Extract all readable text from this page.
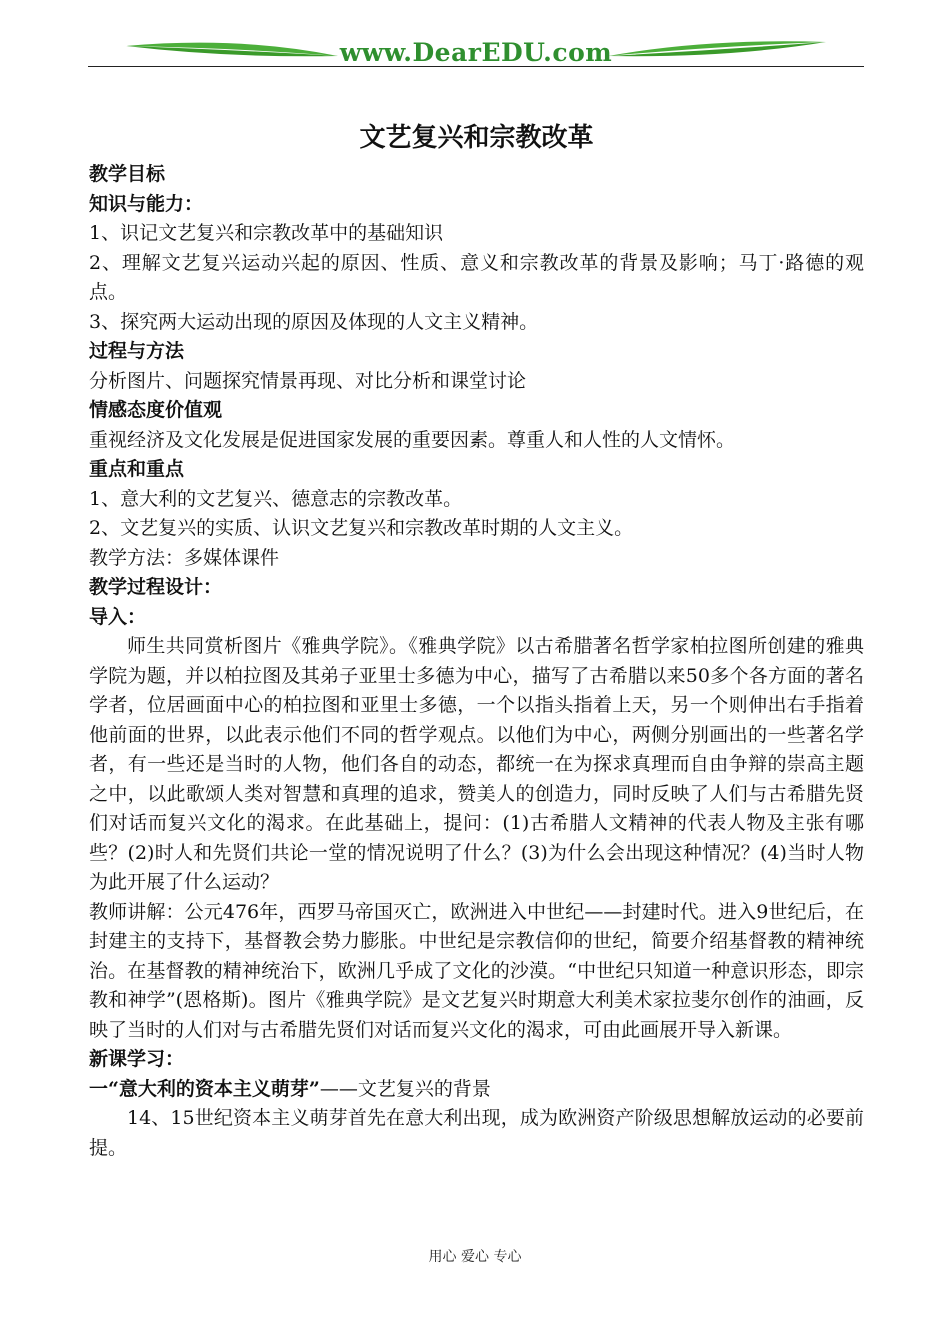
www.DearEDU.com
文艺复兴和宗教改革

教学目标

知识与能力：

1、识记文艺复兴和宗教改革中的基础知识

2、理解文艺复兴运动兴起的原因、性质、意义和宗教改革的背景及影响；马丁·路德的观点。

3、探究两大运动出现的原因及体现的人文主义精神。

过程与方法

分析图片、问题探究情景再现、对比分析和课堂讨论

情感态度价值观

重视经济及文化发展是促进国家发展的重要因素。尊重人和人性的人文情怀。

重点和重点

1、意大利的文艺复兴、德意志的宗教改革。

2、文艺复兴的实质、认识文艺复兴和宗教改革时期的人文主义。

教学方法：多媒体课件

教学过程设计：

导入：

师生共同赏析图片《雅典学院》。《雅典学院》以古希腊著名哲学家柏拉图所创建的雅典学院为题，并以柏拉图及其弟子亚里士多德为中心，描写了古希腊以来50多个各方面的著名学者，位居画面中心的柏拉图和亚里士多德，一个以指头指着上天，另一个则伸出右手指着他前面的世界，以此表示他们不同的哲学观点。以他们为中心，两侧分别画出的一些著名学者，有一些还是当时的人物，他们各自的动态，都统一在为探求真理而自由争辩的崇高主题之中，以此歌颂人类对智慧和真理的追求，赞美人的创造力，同时反映了人们与古希腊先贤们对话而复兴文化的渴求。在此基础上，提问：(1)古希腊人文精神的代表人物及主张有哪些？(2)时人和先贤们共论一堂的情况说明了什么？(3)为什么会出现这种情况？(4)当时人物为此开展了什么运动？

教师讲解：公元476年，西罗马帝国灭亡，欧洲进入中世纪——封建时代。进入9世纪后，在封建主的支持下，基督教会势力膨胀。中世纪是宗教信仰的世纪，简要介绍基督教的精神统治。在基督教的精神统治下，欧洲几乎成了文化的沙漠。“中世纪只知道一种意识形态，即宗教和神学”(恩格斯)。图片《雅典学院》是文艺复兴时期意大利美术家拉斐尔创作的油画，反映了当时的人们对与古希腊先贤们对话而复兴文化的渴求，可由此画展开导入新课。

新课学习：

一“意大利的资本主义萌芽”——文艺复兴的背景

14、15世纪资本主义萌芽首先在意大利出现，成为欧洲资产阶级思想解放运动的必要前提。

用心 爱心 专心
